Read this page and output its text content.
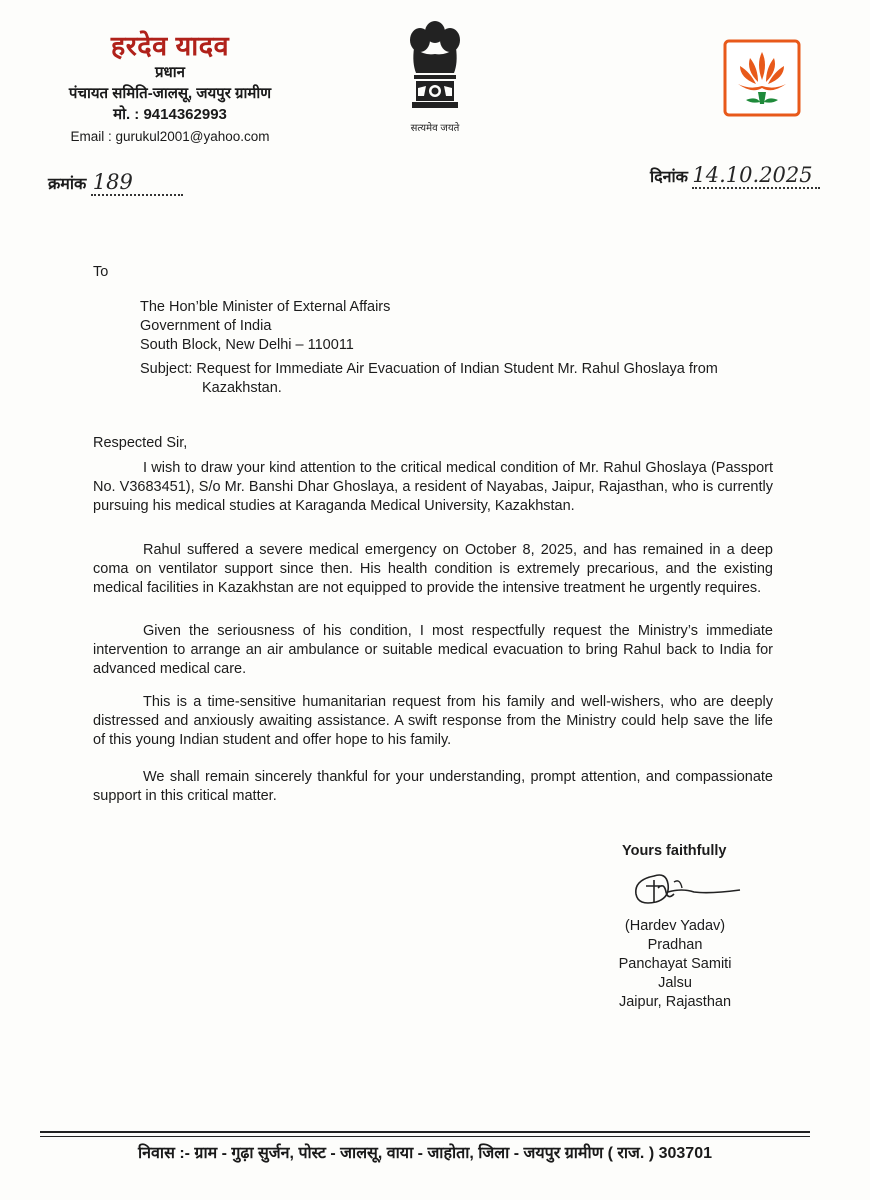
हरदेव यादव
प्रधान
पंचायत समिति-जालसू, जयपुर ग्रामीण
मो. : 9414362993
Email : gurukul2001@yahoo.com
सत्यमेव जयते
क्रमांक 189	दिनांक 14.10.2025
To
The Hon’ble Minister of External Affairs
Government of India
South Block, New Delhi – 110011
Subject: Request for Immediate Air Evacuation of Indian Student Mr. Rahul Ghoslaya from
Kazakhstan.
Respected Sir,
I wish to draw your kind attention to the critical medical condition of Mr. Rahul Ghoslaya (Passport No. V3683451), S/o Mr. Banshi Dhar Ghoslaya, a resident of Nayabas, Jaipur, Rajasthan, who is currently pursuing his medical studies at Karaganda Medical University, Kazakhstan.
Rahul suffered a severe medical emergency on October 8, 2025, and has remained in a deep coma on ventilator support since then. His health condition is extremely precarious, and the existing medical facilities in Kazakhstan are not equipped to provide the intensive treatment he urgently requires.
Given the seriousness of his condition, I most respectfully request the Ministry’s immediate intervention to arrange an air ambulance or suitable medical evacuation to bring Rahul back to India for advanced medical care.
This is a time-sensitive humanitarian request from his family and well-wishers, who are deeply distressed and anxiously awaiting assistance. A swift response from the Ministry could help save the life of this young Indian student and offer hope to his family.
We shall remain sincerely thankful for your understanding, prompt attention, and compassionate support in this critical matter.
Yours faithfully
(Hardev Yadav)
Pradhan
Panchayat Samiti Jalsu
Jaipur, Rajasthan
निवास :- ग्राम - गुढ़ा सुर्जन, पोस्ट - जालसू, वाया - जाहोता, जिला - जयपुर ग्रामीण ( राज. ) 303701
